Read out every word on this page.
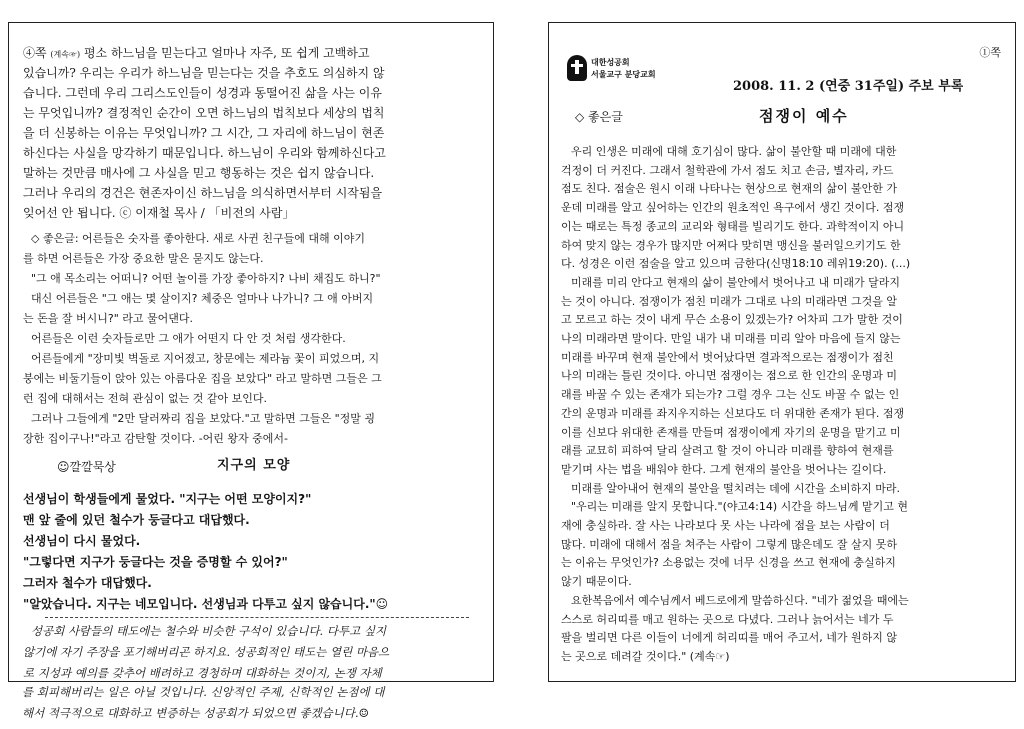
④쪽 (계속☞) 평소 하느님을 믿는다고 얼마나 자주, 또 쉽게 고백하고
있습니까? 우리는 우리가 하느님을 믿는다는 것을 추호도 의심하지 않
습니다. 그런데 우리 그리스도인들이 성경과 동떨어진 삶을 사는 이유
는 무엇입니까? 결정적인 순간이 오면 하느님의 법칙보다 세상의 법칙
을 더 신봉하는 이유는 무엇입니까? 그 시간, 그 자리에 하느님이 현존
하신다는 사실을 망각하기 때문입니다. 하느님이 우리와 함께하신다고
말하는 것만큼 매사에 그 사실을 믿고 행동하는 것은 쉽지 않습니다.
그러나 우리의 경건은 현존자이신 하느님을 의식하면서부터 시작됨을
잊어선 안 됩니다. ⓒ 이재철 목사 / 「비전의 사람」
◇ 좋은글: 어른들은 숫자를 좋아한다. 새로 사귄 친구들에 대해 이야기
를 하면 어른들은 가장 중요한 말은 묻지도 않는다.
"그 애 목소리는 어떠니? 어떤 놀이를 가장 좋아하지? 나비 채집도 하니?"
대신 어른들은 "그 애는 몇 살이지? 체중은 얼마나 나가니? 그 애 아버지
는 돈을 잘 버시니?" 라고 물어댄다.
어른들은 이런 숫자들로만 그 애가 어떤지 다 안 것 처럼 생각한다.
어른들에게 "장미빛 벽돌로 지어졌고, 창문에는 제라늄 꽃이 피었으며, 지
붕에는 비둘기들이 앉아 있는 아름다운 집을 보았다" 라고 말하면 그들은 그
런 집에 대해서는 전혀 관심이 없는 것 같아 보인다.
그러나 그들에게 "2만 달러짜리 집을 보았다."고 말하면 그들은 "정말 굉
장한 집이구나!"라고 감탄할 것이다. -어린 왕자 중에서-
☺깔깔묵상	지구의 모양
선생님이 학생들에게 물었다. "지구는 어떤 모양이지?"
맨 앞 줄에 있던 철수가 둥글다고 대답했다.
선생님이 다시 물었다.
"그렇다면 지구가 둥글다는 것을 증명할 수 있어?"
그러자 철수가 대답했다.
"알았습니다. 지구는 네모입니다. 선생님과 다투고 싶지 않습니다."☺
성공회 사람들의 태도에는 철수와 비슷한 구석이 있습니다. 다투고 싶지
않기에 자기 주장을 포기해버리곤 하지요. 성공회적인 태도는 열린 마음으
로 지성과 예의를 갖추어 배려하고 경청하며 대화하는 것이지, 논쟁 자체
를 회피해버리는 일은 아닐 것입니다. 신앙적인 주제, 신학적인 논점에 대
해서 적극적으로 대화하고 변증하는 성공회가 되었으면 좋겠습니다.☺
①쪽
대한성공회
서울교구 분당교회
2008. 11. 2 (연중 31주일) 주보 부록
◇ 좋은글	점쟁이 예수
우리 인생은 미래에 대해 호기심이 많다. 삶이 불안할 때 미래에 대한
걱정이 더 커진다. 그래서 철학관에 가서 점도 치고 손금, 별자리, 카드
점도 친다. 점술은 원시 이래 나타나는 현상으로 현재의 삶이 불안한 가
운데 미래를 알고 싶어하는 인간의 원초적인 욕구에서 생긴 것이다. 점쟁
이는 때로는 특정 종교의 교리와 형태를 빌리기도 한다. 과학적이지 아니
하여 맞지 않는 경우가 많지만 어쩌다 맞히면 맹신을 불러일으키기도 한
다. 성경은 이런 점술을 알고 있으며 금한다(신명18:10 레위19:20). (...)
미래를 미리 안다고 현재의 삶이 불안에서 벗어나고 내 미래가 달라지
는 것이 아니다. 점쟁이가 점친 미래가 그대로 나의 미래라면 그것을 알
고 모르고 하는 것이 내게 무슨 소용이 있겠는가? 어차피 그가 말한 것이
나의 미래라면 말이다. 만일 내가 내 미래를 미리 알아 마음에 들지 않는
미래를 바꾸며 현재 불안에서 벗어났다면 결과적으로는 점쟁이가 점친
나의 미래는 틀린 것이다. 아니면 점쟁이는 점으로 한 인간의 운명과 미
래를 바꿀 수 있는 존재가 되는가? 그럴 경우 그는 신도 바꿀 수 없는 인
간의 운명과 미래를 좌지우지하는 신보다도 더 위대한 존재가 된다. 점쟁
이를 신보다 위대한 존재를 만들며 점쟁이에게 자기의 운명을 맡기고 미
래를 교묘히 피하여 달리 살려고 할 것이 아니라 미래를 향하여 현재를
맡기며 사는 법을 배워야 한다. 그게 현재의 불안을 벗어나는 길이다.
미래를 알아내어 현재의 불안을 떨치려는 데에 시간을 소비하지 마라.
"우리는 미래를 알지 못합니다."(야고4:14) 시간을 하느님께 맡기고 현
재에 충실하라. 잘 사는 나라보다 못 사는 나라에 점을 보는 사람이 더
많다. 미래에 대해서 점을 쳐주는 사람이 그렇게 많은데도 잘 살지 못하
는 이유는 무엇인가? 소용없는 것에 너무 신경을 쓰고 현재에 충실하지
않기 때문이다.
요한복음에서 예수님께서 베드로에게 말씀하신다. "네가 젊었을 때에는
스스로 허리띠를 매고 원하는 곳으로 다녔다. 그러나 늙어서는 네가 두
팔을 벌리면 다른 이들이 너에게 허리띠를 매어 주고서, 네가 원하지 않
는 곳으로 데려갈 것이다." (계속☞)
